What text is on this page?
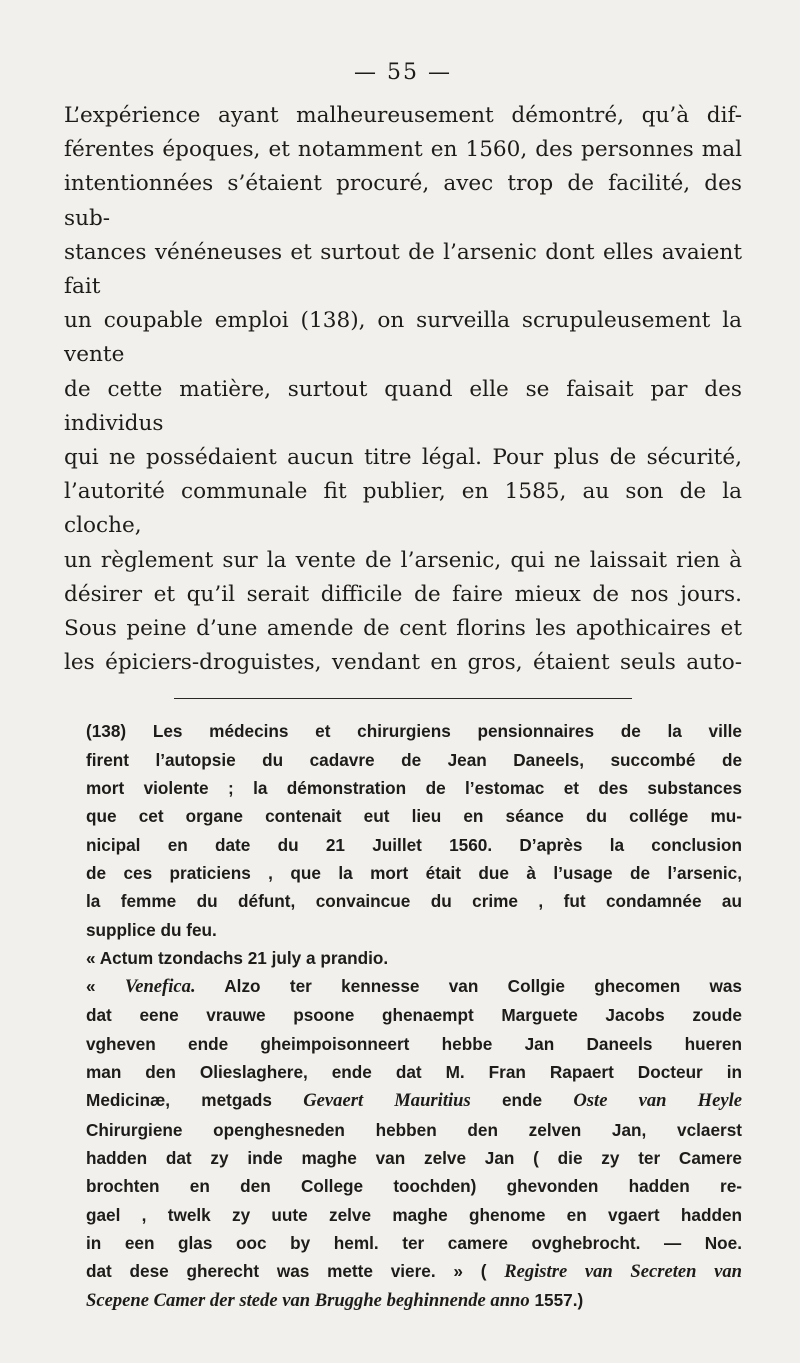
— 55 —

L’expérience ayant malheureusement démontré, qu’à dif-

férentes époques, et notamment en 1560, des personnes mal

intentionnées s’étaient procuré, avec trop de facilité, des sub-

stances vénéneuses et surtout de l’arsenic dont elles avaient fait

un coupable emploi (138), on surveilla scrupuleusement la vente

de cette matière, surtout quand elle se faisait par des individus

qui ne possédaient aucun titre légal. Pour plus de sécurité,

l’autorité communale fit publier, en 1585, au son de la cloche,

un règlement sur la vente de l’arsenic, qui ne laissait rien à

désirer et qu’il serait difficile de faire mieux de nos jours.

Sous peine d’une amende de cent florins les apothicaires et

les épiciers-droguistes, vendant en gros, étaient seuls auto-

(138) Les médecins et chirurgiens pensionnaires de la ville
firent l’autopsie du cadavre de Jean Daneels, succombé de
mort violente ; la démonstration de l’estomac et des substances
que cet organe contenait eut lieu en séance du collége mu-
nicipal en date du 21 Juillet 1560. D’après la conclusion
de ces praticiens , que la mort était due à l’usage de l’arsenic,
la femme du défunt, convaincue du crime , fut condamnée au
supplice du feu.

« Actum tzondachs 21 july a prandio.

« Venefica. Alzo ter kennesse van Collgie ghecomen was
dat eene vrauwe psoone ghenaempt Marguete Jacobs zoude
vgheven ende gheimpoisonneert hebbe Jan Daneels hueren
man den Olieslaghere, ende dat M. Fran Rapaert Docteur in
Medicinæ, metgads Gevaert Mauritius ende Oste van Heyle
Chirurgiene openghesneden hebben den zelven Jan, vclaerst
hadden dat zy inde maghe van zelve Jan ( die zy ter Camere
brochten en den College toochden) ghevonden hadden re-
gael , twelk zy uute zelve maghe ghenome en vgaert hadden
in een glas ooc by heml. ter camere ovghebrocht. — Noe.
dat dese gherecht was mette viere. » ( Registre van Secreten van
Scepene Camer der stede van Brugghe beghinnende anno 1557.)
